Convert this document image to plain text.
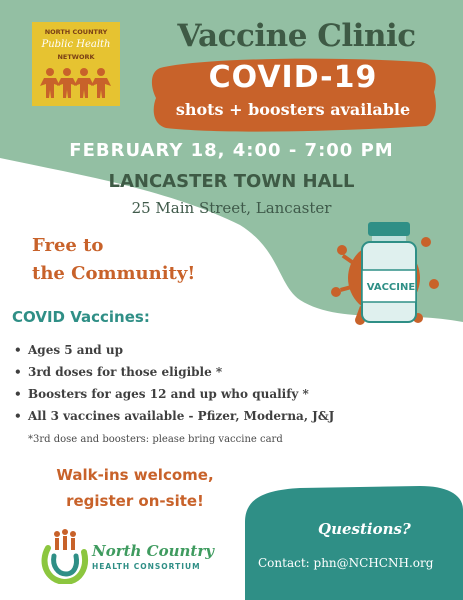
NORTH COUNTRY
Public Health
NETWORK
Vaccine Clinic
COVID-19
shots + boosters available
FEBRUARY 18, 4:00 - 7:00 PM
LANCASTER TOWN HALL
25 Main Street, Lancaster
Free to
the Community!
VACCINE
COVID Vaccines:
• Ages 5 and up
• 3rd doses for those eligible *
• Boosters for ages 12 and up who qualify *
• All 3 vaccines available - Pfizer, Moderna, J&J
*3rd dose and boosters: please bring vaccine card
Walk-ins welcome,
register on-site!
North Country
HEALTH CONSORTIUM
Questions?
Contact: phn@NCHCNH.org
